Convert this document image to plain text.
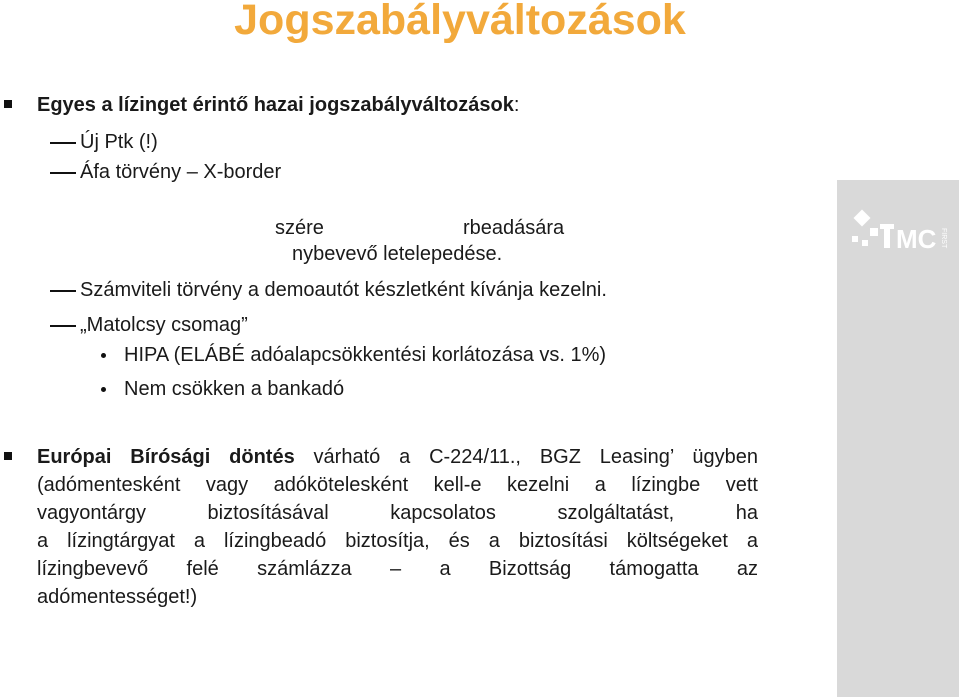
Jogszabályváltozások
Egyes a lízinget érintő hazai jogszabályváltozások:
Új Ptk (!)
Áfa törvény – X-border
szére	rbeadására
nybevevő letelepedése.
Számviteli törvény a demoautót készletként kívánja kezelni.
„Matolcsy csomag”
HIPA (ELÁBÉ adóalapcsökkentési korlátozása vs. 1%)
Nem csökken a bankadó
Európai Bírósági döntés várható a C-224/11., BGZ Leasing’ ügyben
(adómentesként vagy adókötelesként kell-e kezelni a lízingbe vett
vagyontárgy biztosításával kapcsolatos szolgáltatást, ha
a lízingtárgyat a lízingbeadó biztosítja, és a biztosítási költségeket a
lízingbevevő felé számlázza – a Bizottság támogatta az
adómentességet!)
MC FIRST
